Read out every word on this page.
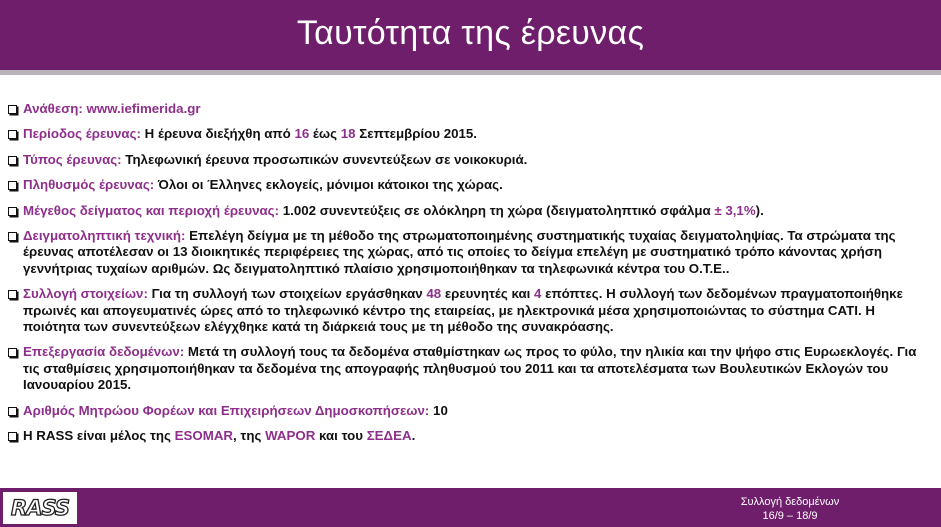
Ταυτότητα της έρευνας
Ανάθεση: www.iefimerida.gr
Περίοδος έρευνας: Η έρευνα διεξήχθη από 16 έως 18 Σεπτεμβρίου 2015.
Τύπος έρευνας: Τηλεφωνική έρευνα προσωπικών συνεντεύξεων σε νοικοκυριά.
Πληθυσμός έρευνας: Όλοι οι Έλληνες εκλογείς, μόνιμοι κάτοικοι της χώρας.
Μέγεθος δείγματος και περιοχή έρευνας: 1.002 συνεντεύξεις σε ολόκληρη τη χώρα (δειγματοληπτικό σφάλμα ± 3,1%).
Δειγματοληπτική τεχνική: Επελέγη δείγμα με τη μέθοδο της στρωματοποιημένης συστηματικής τυχαίας δειγματοληψίας. Τα στρώματα της έρευνας αποτέλεσαν οι 13 διοικητικές περιφέρειες της χώρας, από τις οποίες το δείγμα επελέγη με συστηματικό τρόπο κάνοντας χρήση γεννήτριας τυχαίων αριθμών. Ως δειγματοληπτικό πλαίσιο χρησιμοποιήθηκαν τα τηλεφωνικά κέντρα του Ο.Τ.Ε..
Συλλογή στοιχείων: Για τη συλλογή των στοιχείων εργάσθηκαν 48 ερευνητές και 4 επόπτες. Η συλλογή των δεδομένων πραγματοποιήθηκε πρωινές και απογευματινές ώρες από το τηλεφωνικό κέντρο της εταιρείας, με ηλεκτρονικά μέσα χρησιμοποιώντας το σύστημα CATI. Η ποιότητα των συνεντεύξεων ελέγχθηκε κατά τη διάρκειά τους με τη μέθοδο της συνακρόασης.
Επεξεργασία δεδομένων: Μετά τη συλλογή τους τα δεδομένα σταθμίστηκαν ως προς το φύλο, την ηλικία και την ψήφο στις Ευρωεκλογές. Για τις σταθμίσεις χρησιμοποιήθηκαν τα δεδομένα της απογραφής πληθυσμού του 2011 και τα αποτελέσματα των Βουλευτικών Εκλογών του Ιανουαρίου 2015.
Αριθμός Μητρώου Φορέων και Επιχειρήσεων Δημοσκοπήσεων: 10
Η RASS είναι μέλος της ESOMAR, της WAPOR και του ΣΕΔΕΑ.
RASS	Συλλογή δεδομένων
16/9 – 18/9
